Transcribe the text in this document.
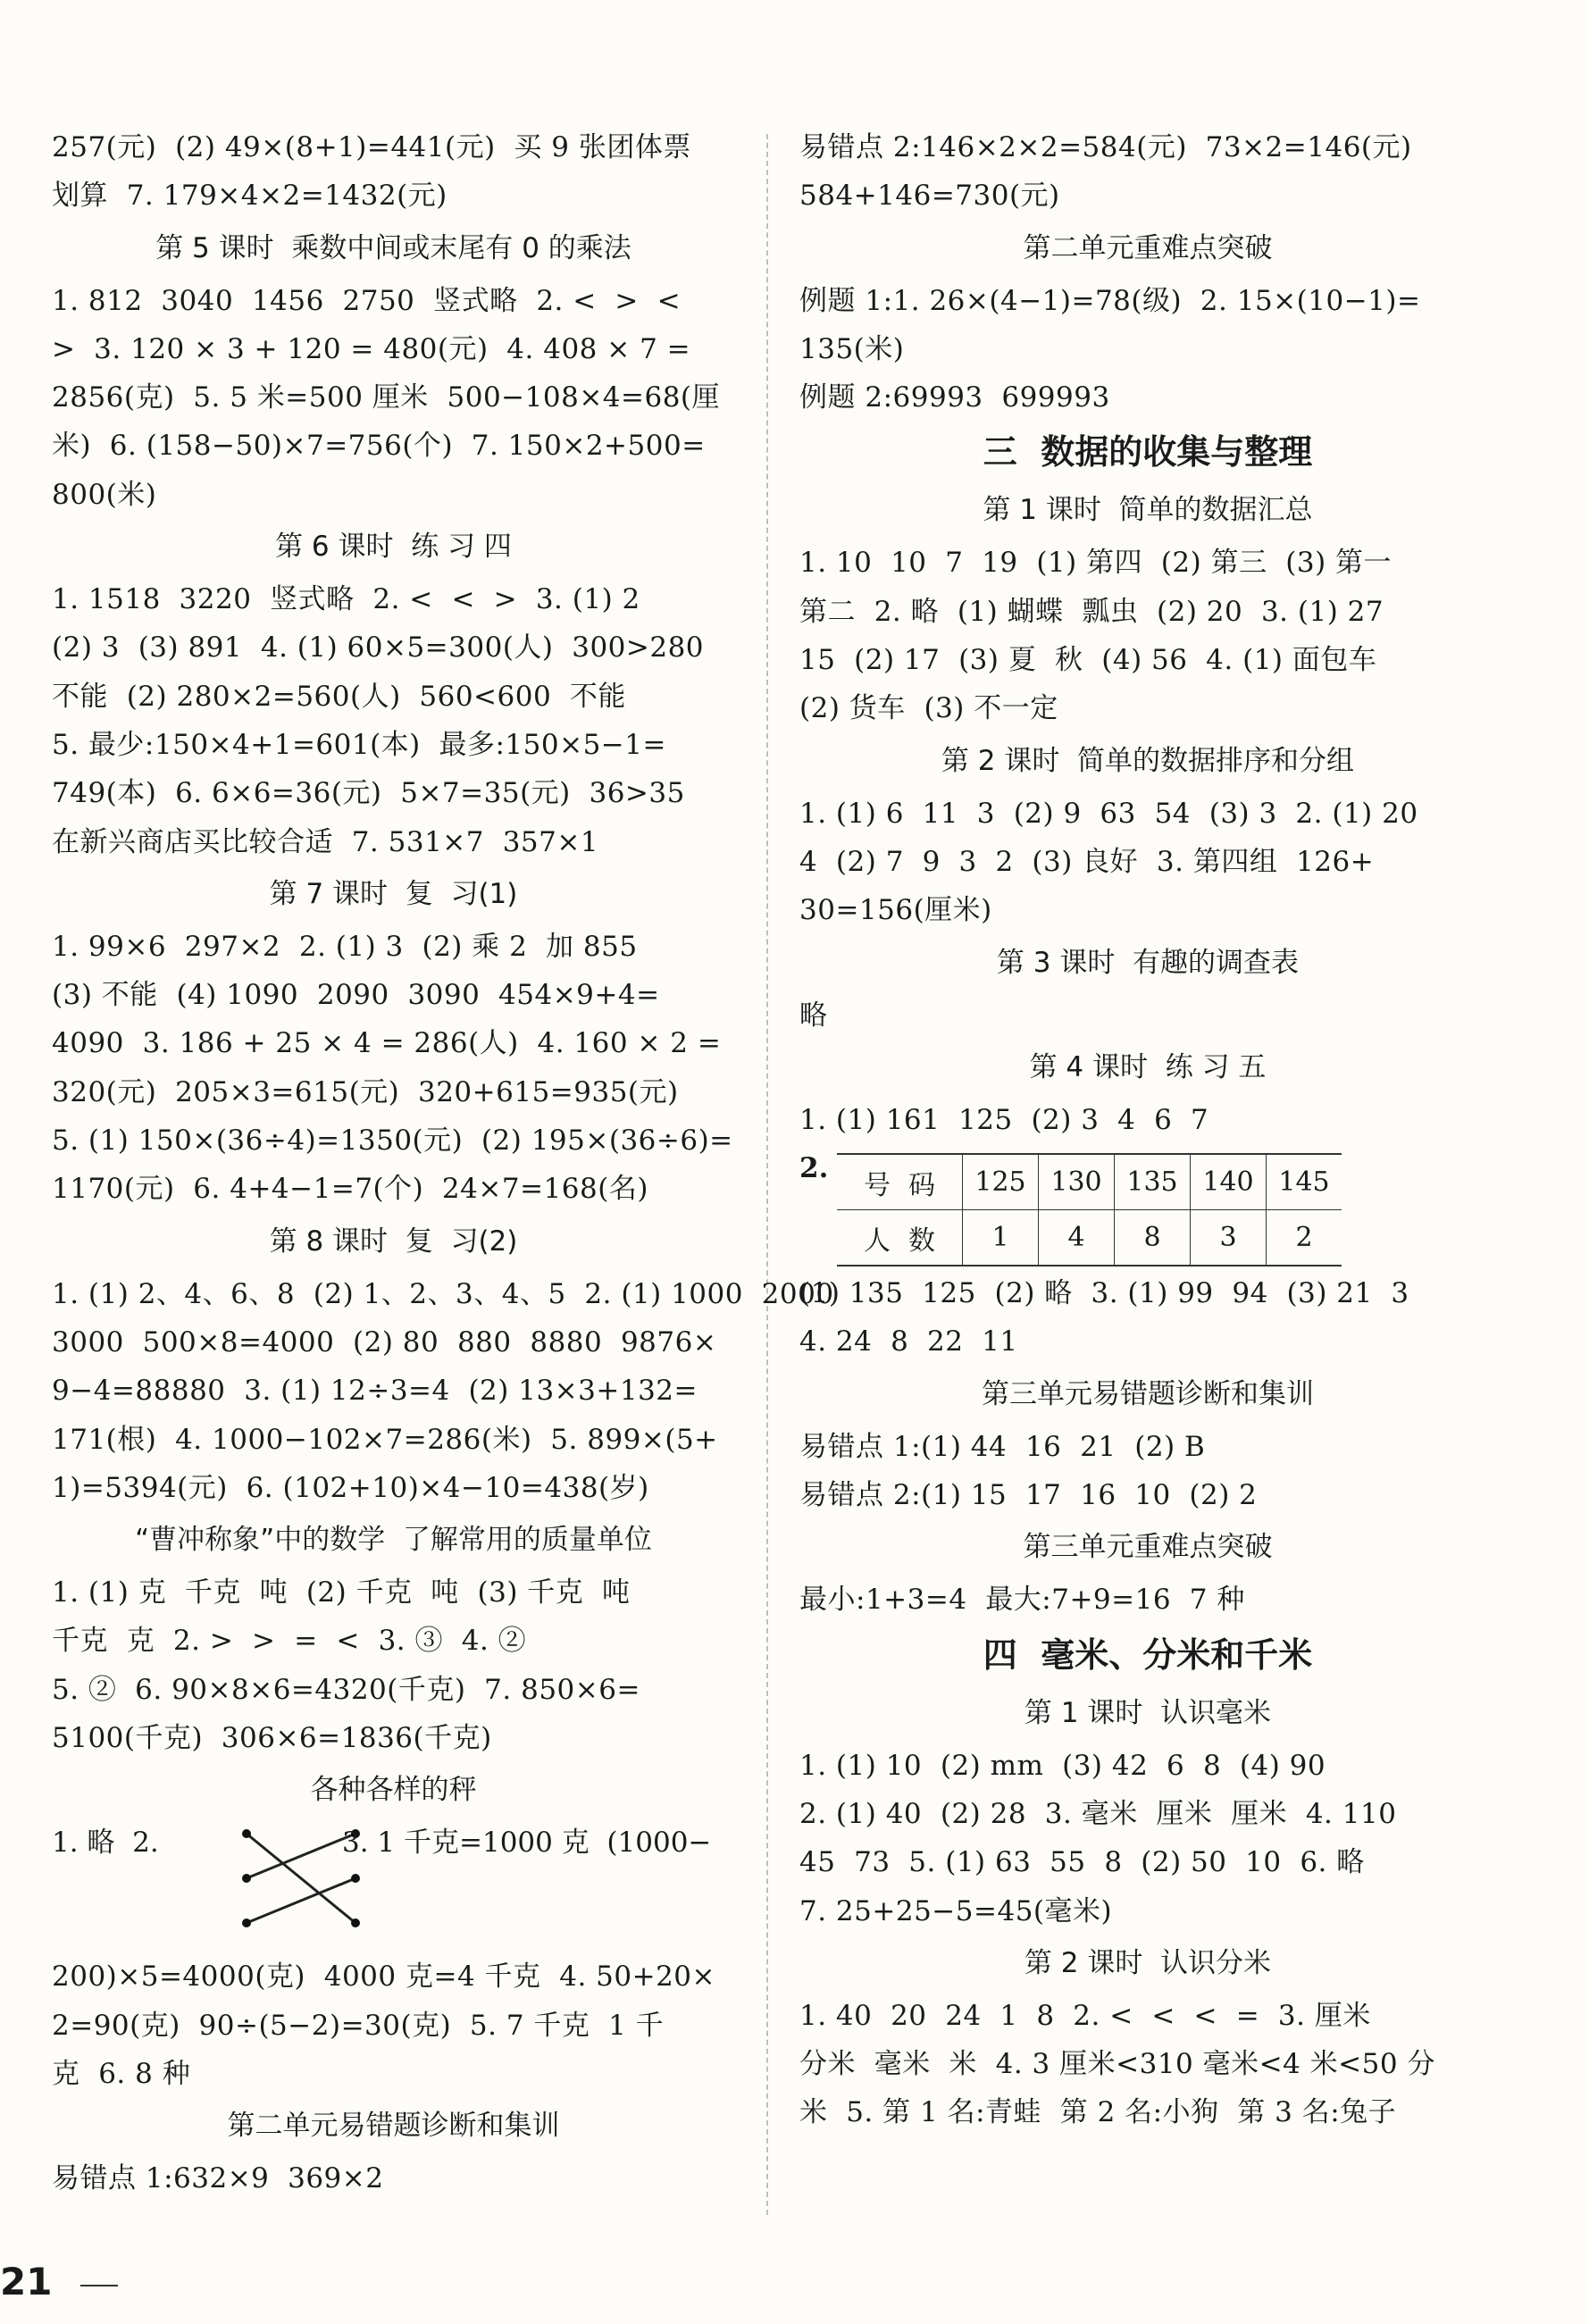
257(元)  (2) 49×(8+1)=441(元)  买 9 张团体票
划算  7. 179×4×2=1432(元)
第 5 课时  乘数中间或末尾有 0 的乘法
1. 812  3040  1456  2750  竖式略  2. <  >  <
>  3. 120 × 3 + 120 = 480(元)  4. 408 × 7 =
2856(克)  5. 5 米=500 厘米  500−108×4=68(厘
米)  6. (158−50)×7=756(个)  7. 150×2+500=
800(米)
第 6 课时  练 习 四
1. 1518  3220  竖式略  2. <  <  >  3. (1) 2
(2) 3  (3) 891  4. (1) 60×5=300(人)  300>280
不能  (2) 280×2=560(人)  560<600  不能
5. 最少:150×4+1=601(本)  最多:150×5−1=
749(本)  6. 6×6=36(元)  5×7=35(元)  36>35
在新兴商店买比较合适  7. 531×7  357×1
第 7 课时  复  习(1)
1. 99×6  297×2  2. (1) 3  (2) 乘 2  加 855
(3) 不能  (4) 1090  2090  3090  454×9+4=
4090  3. 186 + 25 × 4 = 286(人)  4. 160 × 2 =
320(元)  205×3=615(元)  320+615=935(元)
5. (1) 150×(36÷4)=1350(元)  (2) 195×(36÷6)=
1170(元)  6. 4+4−1=7(个)  24×7=168(名)
第 8 课时  复  习(2)
1. (1) 2、4、6、8  (2) 1、2、3、4、5  2. (1) 1000  2000
3000  500×8=4000  (2) 80  880  8880  9876×
9−4=88880  3. (1) 12÷3=4  (2) 13×3+132=
171(根)  4. 1000−102×7=286(米)  5. 899×(5+
1)=5394(元)  6. (102+10)×4−10=438(岁)
“曹冲称象”中的数学  了解常用的质量单位
1. (1) 克  千克  吨  (2) 千克  吨  (3) 千克  吨
千克  克  2. >  >  =  <  3. ③  4. ②
5. ②  6. 90×8×6=4320(千克)  7. 850×6=
5100(千克)  306×6=1836(千克)
各种各样的秤
1. 略  2.	3. 1 千克=1000 克  (1000−
200)×5=4000(克)  4000 克=4 千克  4. 50+20×
2=90(克)  90÷(5−2)=30(克)  5. 7 千克  1 千
克  6. 8 种
第二单元易错题诊断和集训
易错点 1:632×9  369×2
易错点 2:146×2×2=584(元)  73×2=146(元)
584+146=730(元)
第二单元重难点突破
例题 1:1. 26×(4−1)=78(级)  2. 15×(10−1)=
135(米)
例题 2:69993  699993
三  数据的收集与整理
第 1 课时  简单的数据汇总
1. 10  10  7  19  (1) 第四  (2) 第三  (3) 第一
第二  2. 略  (1) 蝴蝶  瓢虫  (2) 20  3. (1) 27
15  (2) 17  (3) 夏  秋  (4) 56  4. (1) 面包车
(2) 货车  (3) 不一定
第 2 课时  简单的数据排序和分组
1. (1) 6  11  3  (2) 9  63  54  (3) 3  2. (1) 20
4  (2) 7  9  3  2  (3) 良好  3. 第四组  126+
30=156(厘米)
第 3 课时  有趣的调查表
略
第 4 课时  练 习 五
1. (1) 161  125  (2) 3  4  6  7
2.
号码	125	130	135	140	145
人数	1	4	8	3	2
(1) 135  125  (2) 略  3. (1) 99  94  (3) 21  3
4. 24  8  22  11
第三单元易错题诊断和集训
易错点 1:(1) 44  16  21  (2) B
易错点 2:(1) 15  17  16  10  (2) 2
第三单元重难点突破
最小:1+3=4  最大:7+9=16  7 种
四  毫米、分米和千米
第 1 课时  认识毫米
1. (1) 10  (2) mm  (3) 42  6  8  (4) 90
2. (1) 40  (2) 28  3. 毫米  厘米  厘米  4. 110
45  73  5. (1) 63  55  8  (2) 50  10  6. 略
7. 25+25−5=45(毫米)
第 2 课时  认识分米
1. 40  20  24  1  8  2. <  <  <  =  3. 厘米
分米  毫米  米  4. 3 厘米<310 毫米<4 米<50 分
米  5. 第 1 名:青蛙  第 2 名:小狗  第 3 名:兔子
21
